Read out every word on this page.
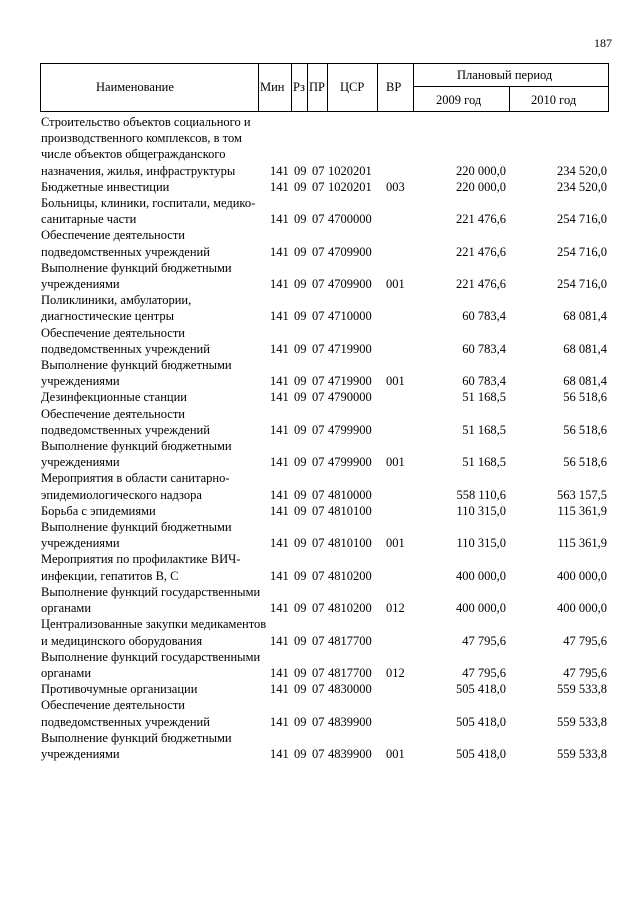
187
Наименование	Мин Рз ПР ЦСР ВР
Плановый период
2009 год	2010 год
Строительство объектов социального и производственного комплексов, в том числе объектов общегражданского назначения, жилья, инфраструктуры	141 09 07 1020201	220 000,0	234 520,0
Бюджетные инвестиции	141 09 07 1020201 003	220 000,0	234 520,0
Больницы, клиники, госпитали, медико-санитарные части	141 09 07 4700000	221 476,6	254 716,0
Обеспечение деятельности подведомственных учреждений	141 09 07 4709900	221 476,6	254 716,0
Выполнение функций бюджетными учреждениями	141 09 07 4709900 001	221 476,6	254 716,0
Поликлиники, амбулатории, диагностические центры	141 09 07 4710000	60 783,4	68 081,4
Обеспечение деятельности подведомственных учреждений	141 09 07 4719900	60 783,4	68 081,4
Выполнение функций бюджетными учреждениями	141 09 07 4719900 001	60 783,4	68 081,4
Дезинфекционные станции	141 09 07 4790000	51 168,5	56 518,6
Обеспечение деятельности подведомственных учреждений	141 09 07 4799900	51 168,5	56 518,6
Выполнение функций бюджетными учреждениями	141 09 07 4799900 001	51 168,5	56 518,6
Мероприятия в области санитарно-эпидемиологического надзора	141 09 07 4810000	558 110,6	563 157,5
Борьба с эпидемиями	141 09 07 4810100	110 315,0	115 361,9
Выполнение функций бюджетными учреждениями	141 09 07 4810100 001	110 315,0	115 361,9
Мероприятия по профилактике ВИЧ-инфекции, гепатитов В, С	141 09 07 4810200	400 000,0	400 000,0
Выполнение функций государственными органами	141 09 07 4810200 012	400 000,0	400 000,0
Централизованные закупки медикаментов и медицинского оборудования	141 09 07 4817700	47 795,6	47 795,6
Выполнение функций государственными органами	141 09 07 4817700 012	47 795,6	47 795,6
Противочумные организации	141 09 07 4830000	505 418,0	559 533,8
Обеспечение деятельности подведомственных учреждений	141 09 07 4839900	505 418,0	559 533,8
Выполнение функций бюджетными учреждениями	141 09 07 4839900 001	505 418,0	559 533,8
